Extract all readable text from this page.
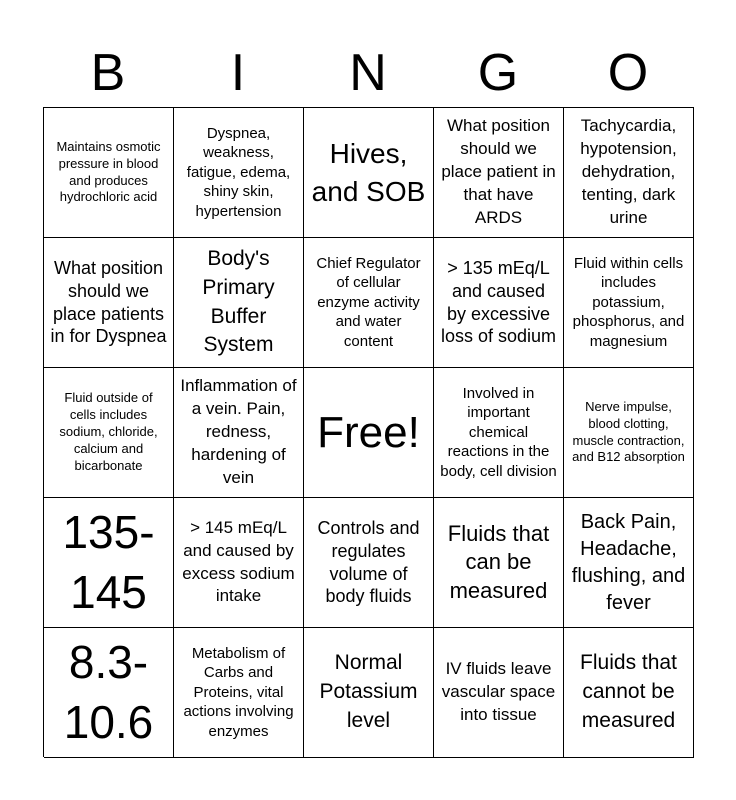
B	I	N	G	O
Maintains osmotic pressure in blood and produces hydrochloric acid
Dyspnea, weakness, fatigue, edema, shiny skin, hypertension
Hives, and SOB
What position should we place patient in that have ARDS
Tachycardia, hypotension, dehydration, tenting, dark urine
What position should we place patients in for Dyspnea
Body's Primary Buffer System
Chief Regulator of cellular enzyme activity and water content
> 135 mEq/L and caused by excessive loss of sodium
Fluid within cells includes potassium, phosphorus, and magnesium
Fluid outside of cells includes sodium, chloride, calcium and bicarbonate
Inflammation of a vein. Pain, redness, hardening of vein
Free!
Involved in important chemical reactions in the body, cell division
Nerve impulse, blood clotting, muscle contraction, and B12 absorption
135-145
> 145 mEq/L and caused by excess sodium intake
Controls and regulates volume of body fluids
Fluids that can be measured
Back Pain, Headache, flushing, and fever
8.3-10.6
Metabolism of Carbs and Proteins, vital actions involving enzymes
Normal Potassium level
IV fluids leave vascular space into tissue
Fluids that cannot be measured
